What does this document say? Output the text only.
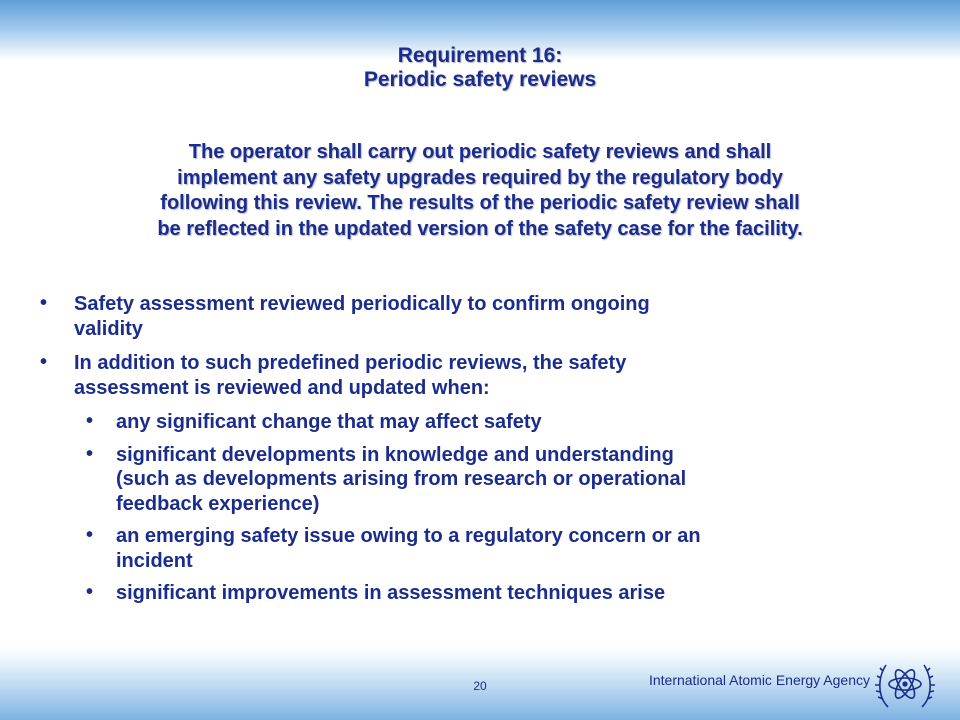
Requirement 16:
Periodic safety reviews
The operator shall carry out periodic safety reviews and shall
implement any safety upgrades required by the regulatory body
following this review. The results of the periodic safety review shall
be reflected in the updated version of the safety case for the facility.
• Safety assessment reviewed periodically to confirm ongoing
validity
• In addition to such predefined periodic reviews, the safety
assessment is reviewed and updated when:
• any significant change that may affect safety
• significant developments in knowledge and understanding
(such as developments arising from research or operational
feedback experience)
• an emerging safety issue owing to a regulatory concern or an
incident
• significant improvements in assessment techniques arise
20	International Atomic Energy Agency
